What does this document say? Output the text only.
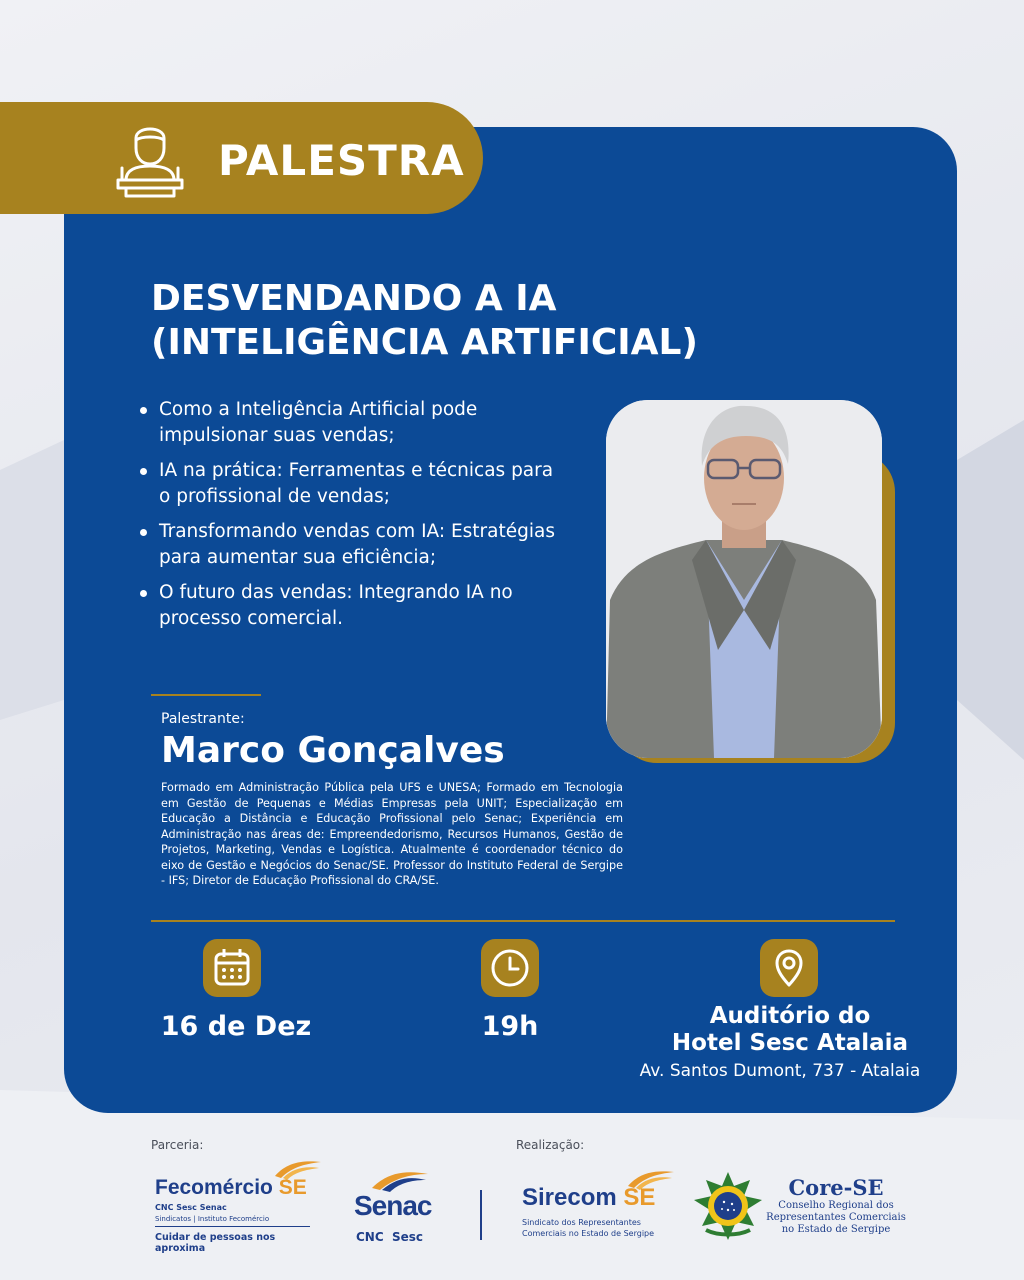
PALESTRA
DESVENDANDO A IA
(INTELIGÊNCIA ARTIFICIAL)
Como a Inteligência Artificial pode impulsionar suas vendas;
IA na prática: Ferramentas e técnicas para o profissional de vendas;
Transformando vendas com IA: Estratégias para aumentar sua eficiência;
O futuro das vendas: Integrando IA no processo comercial.
Palestrante:
Marco Gonçalves

Formado em Administração Pública pela UFS e UNESA; Formado em Tecnologia em Gestão de Pequenas e Médias Empresas pela UNIT; Especialização em Educação a Distância e Educação Profissional pelo Senac; Experiência em Administração nas áreas de: Empreendedorismo, Recursos Humanos, Gestão de Projetos, Marketing, Vendas e Logística. Atualmente é coordenador técnico do eixo de Gestão e Negócios do Senac/SE. Professor do Instituto Federal de Sergipe - IFS; Diretor de Educação Profissional do CRA/SE.

16 de Dez	19h	Auditório do
Hotel Sesc Atalaia
Av. Santos Dumont, 737 - Atalaia
Parceria:	Realização:
Fecomércio SE
CNC Sesc Senac
Sindicatos | Instituto Fecomércio
Cuidar de pessoas nos aproxima
Senac
CNC  Sesc
Sirecom SE
Sindicato dos Representantes
Comerciais no Estado de Sergipe
Core-SE
Conselho Regional dos
Representantes Comerciais
no Estado de Sergipe
